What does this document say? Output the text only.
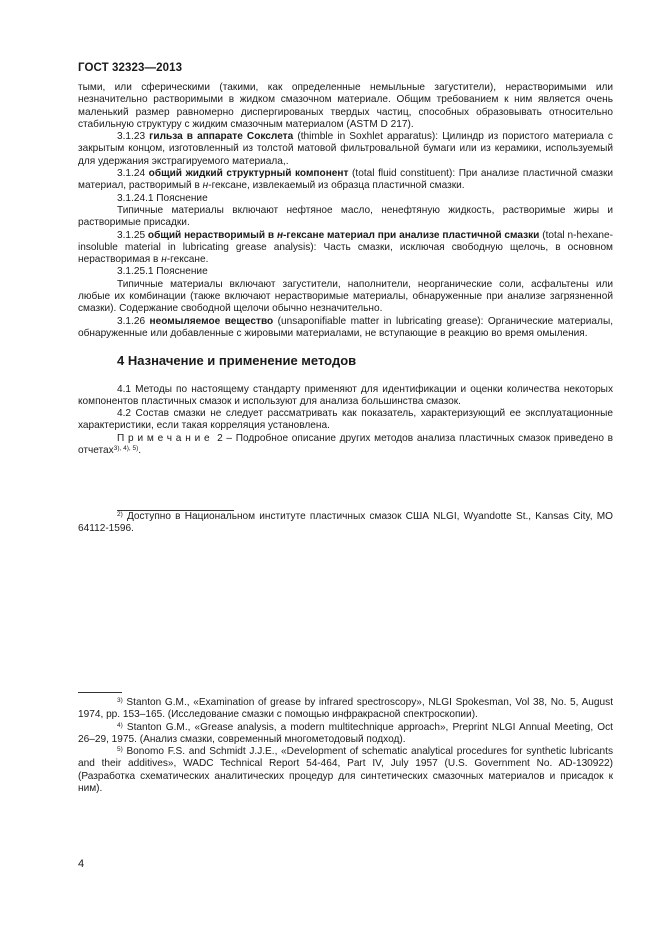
ГОСТ 32323—2013

тыми, или сферическими (такими, как определенные немыльные загустители), нерастворимыми или незначительно растворимыми в жидком смазочном материале. Общим требованием к ним является очень маленький размер равномерно диспергированых твердых частиц, способных образовывать относительно стабильную структуру с жидким смазочным материалом (ASTM D 217).

3.1.23 гильза в аппарате Сокслета (thimble in Soxhlet apparatus): Цилиндр из пористого материала с закрытым концом, изготовленный из толстой матовой фильтровальной бумаги или из керамики, используемый для удержания экстрагируемого материала,.

3.1.24 общий жидкий структурный компонент (total fluid constituent): При анализе пластичной смазки материал, растворимый в н-гексане, извлекаемый из образца пластичной смазки.

3.1.24.1 Пояснение

Типичные материалы включают нефтяное масло, ненефтяную жидкость, растворимые жиры и растворимые присадки.

3.1.25 общий нерастворимый в н-гексане материал при анализе пластичной смазки (total n-hexane-insoluble material in lubricating grease analysis): Часть смазки, исключая свободную щелочь, в основном нерастворимая в н-гексане.

3.1.25.1 Пояснение

Типичные материалы включают загустители, наполнители, неорганические соли, асфальтены или любые их комбинации (также включают нерастворимые материалы, обнаруженные при анализе загрязненной смазки). Содержание свободной щелочи обычно незначительно.

3.1.26 неомыляемое вещество (unsaponifiable matter in lubricating grease): Органические материалы, обнаруженные или добавленные с жировыми материалами, не вступающие в реакцию во время омыления.

4 Назначение и применение методов

4.1 Методы по настоящему стандарту применяют для идентификации и оценки количества некоторых компонентов пластичных смазок и используют для анализа большинства смазок.

4.2 Состав смазки не следует рассматривать как показатель, характеризующий ее эксплуатационные характеристики, если такая корреляция установлена.

Примечание 2 – Подробное описание других методов анализа пластичных смазок приведено в отчетах$^{3), 4), 5)}$.

$^{2)}$ Доступно в Национальном институте пластичных смазок США NLGI, Wyandotte St., Kansas City, MO 64112-1596.

$^{3)}$ Stanton G.M., «Examination of grease by infrared spectroscopy», NLGI Spokesman, Vol 38, No. 5, August 1974, pp. 153–165. (Исследование смазки с помощью инфракрасной спектроскопии).

$^{4)}$ Stanton G.M., «Grease analysis, a modern multitechnique approach», Preprint NLGI Annual Meeting, Oct 26–29, 1975. (Анализ смазки, современный многометодовый подход).

$^{5)}$ Bonomo F.S. and Schmidt J.J.E., «Development of schematic analytical procedures for synthetic lubricants and their additives», WADC Technical Report 54-464, Part IV, July 1957 (U.S. Government No. AD-130922) (Разработка схематических аналитических процедур для синтетических смазочных материалов и присадок к ним).

4
